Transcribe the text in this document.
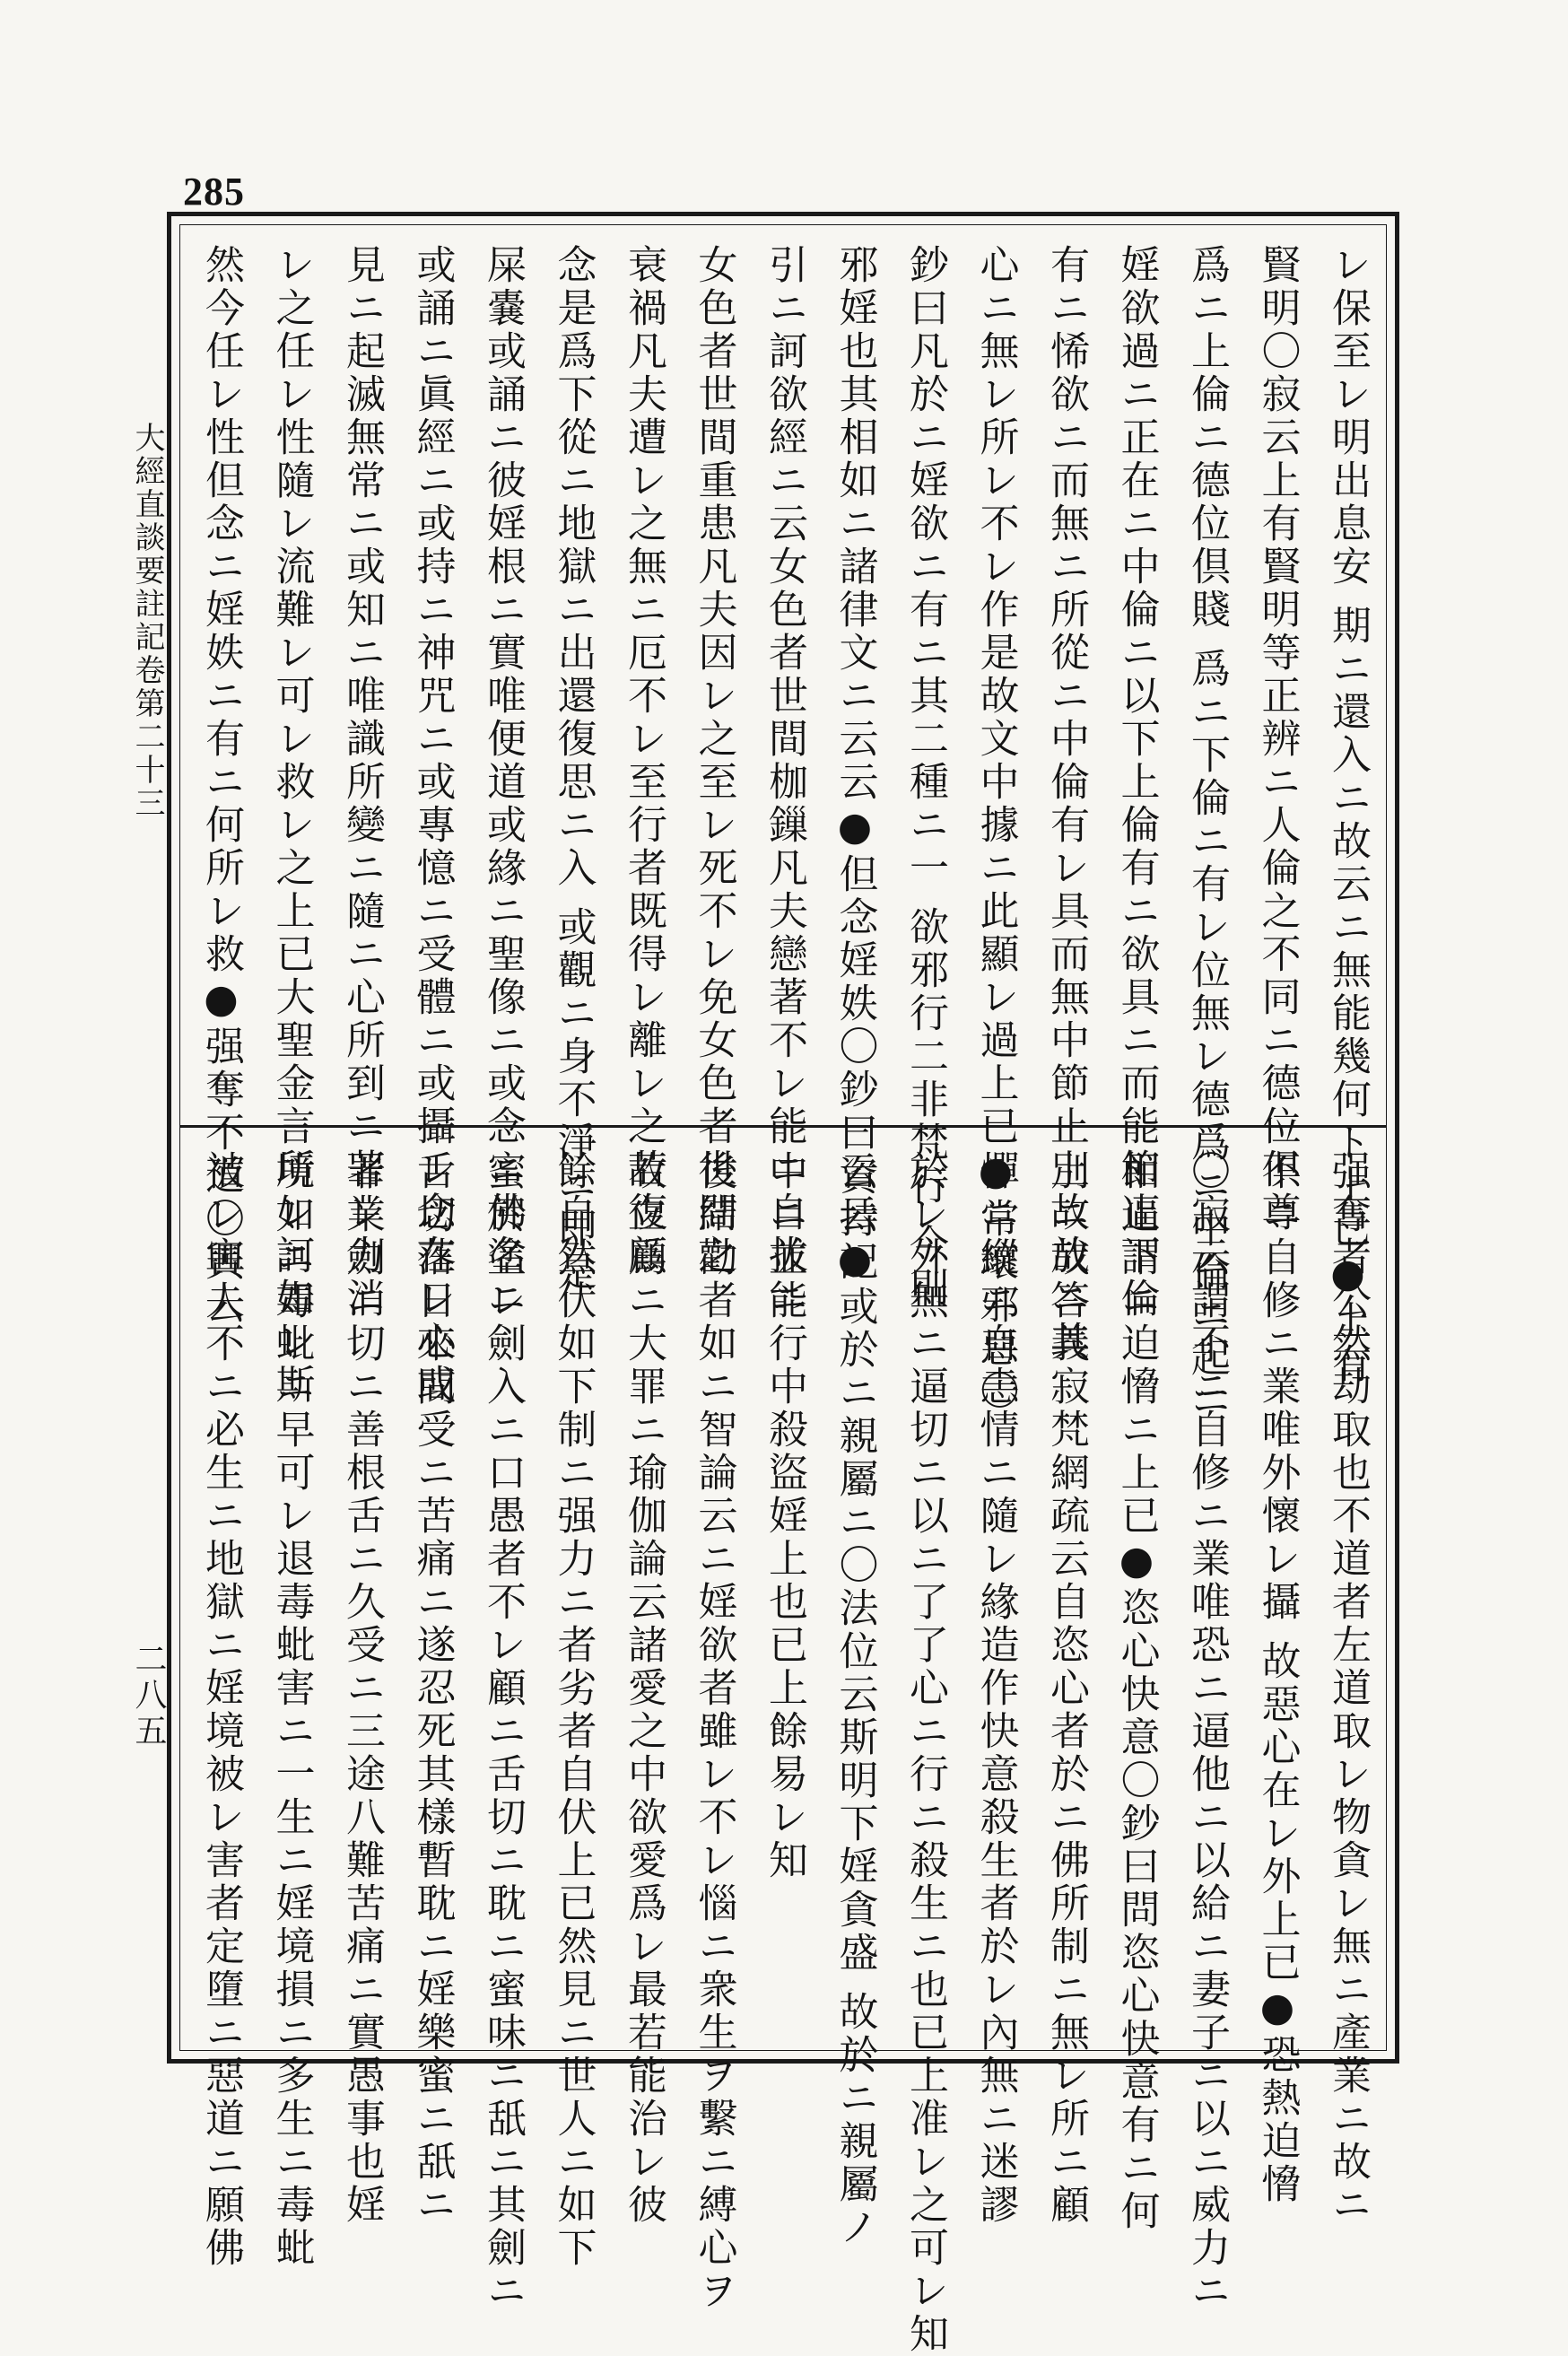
285
大經直談要註記卷第二十三
二八五
レ保至レ明出息安 期ニ還入ニ故云ニ無能幾何ト上已●上有
賢明〇寂云上有賢明等正辨ニ人倫之不同ニ德位倶尊
爲ニ上倫ニ德位倶賤 爲ニ下倫ニ有レ位無レ德爲ニ中倫ニ起ニ
婬欲過ニ正在ニ中倫ニ以下上倫有ニ欲具ニ而能節止下倫
有ニ悕欲ニ而無ニ所從ニ中倫有レ具而無中節止上故放ニ其
心ニ無レ所レ不レ作是故文中據ニ此顯レ過上已●常壞邪惡〇
鈔曰凡於ニ婬欲ニ有ニ其二種ニ一 欲邪行二非梵行 今則
邪婬也其相如ニ諸律文ニ云云●但念婬妷〇鈔曰資持記
引ニ訶欲經ニ云女色者世間枷鏁凡夫戀著不レ能ニ自拔ニ
女色者世間重患凡夫因レ之至レ死不レ免女色者世間之
衰禍凡夫遭レ之無ニ厄不レ至行者既得レ離レ之若復顧
念是爲下從ニ地獄ニ出還復思ニ入 或觀ニ身不淨ニ即是
屎嚢或誦ニ彼婬根ニ實唯便道或緣ニ聖像ニ或念ニ佛名ニ
或誦ニ眞經ニ或持ニ神咒ニ或專憶ニ受體ニ或攝レ念在レ心或
見ニ起滅無常ニ或知ニ唯識所變ニ隨ニ心所到ニ著レ力消
レ之任レ性隨レ流難レ可レ救レ之上已大聖金言所レ訶如レ斯
然今任レ性但念ニ婬妷ニ有ニ何所レ救●强奪不道〇興云
强奪者公然劫取也不道者左道取レ物貪レ無ニ產業ニ故ニ
不ニ自修ニ業唯外懷レ攝 故惡心在レ外上已●恐熱迫愶
〇寂云謂不ニ自修ニ業唯恐ニ逼他ニ以給ニ妻子ニ以ニ威力ニ
相逼謂ニ迫愶ニ上已●恣心快意〇鈔曰問恣心快意有ニ何
別ニ哉答義寂梵網疏云自恣心者於ニ佛所制ニ無レ所ニ顧
憚ニ縱ニ自恚情ニ隨レ緣造作快意殺生者於レ內無ニ迷謬
於レ外無ニ逼切ニ以ニ了了心ニ行ニ殺生ニ也已上准レ之可レ知
云云●或於ニ親屬ニ〇法位云斯明下婬貪盛 故於ニ親屬ノ
中ニ並能行中殺盜婬上也已上餘易レ知
後結勸者如ニ智論云ニ婬欲者雖レ不レ惱ニ衆生ヲ繫ニ縛心ヲ
故立爲ニ大罪ニ瑜伽論云諸愛之中欲愛爲レ最若能治レ彼
餘自然伏如下制ニ强力ニ者劣者自伏上已然見ニ世人ニ如下
蜜於塗レ劍入ニ口愚者不レ顧ニ舌切ニ耽ニ蜜味ニ舐ニ其劍ニ
舌切落日來間受ニ苦痛ニ遂忍死其樣暫耽ニ婬樂蜜ニ舐ニ
罪業劍ニ切ニ善根舌ニ久受ニ三途八難苦痛ニ實愚事也婬
境如ニ毒蚍ニ早可レ退毒蚍害ニ一生ニ婬境損ニ多生ニ毒蚍
被レ害人不ニ必生ニ地獄ニ婬境被レ害者定墮ニ惡道ニ願佛
